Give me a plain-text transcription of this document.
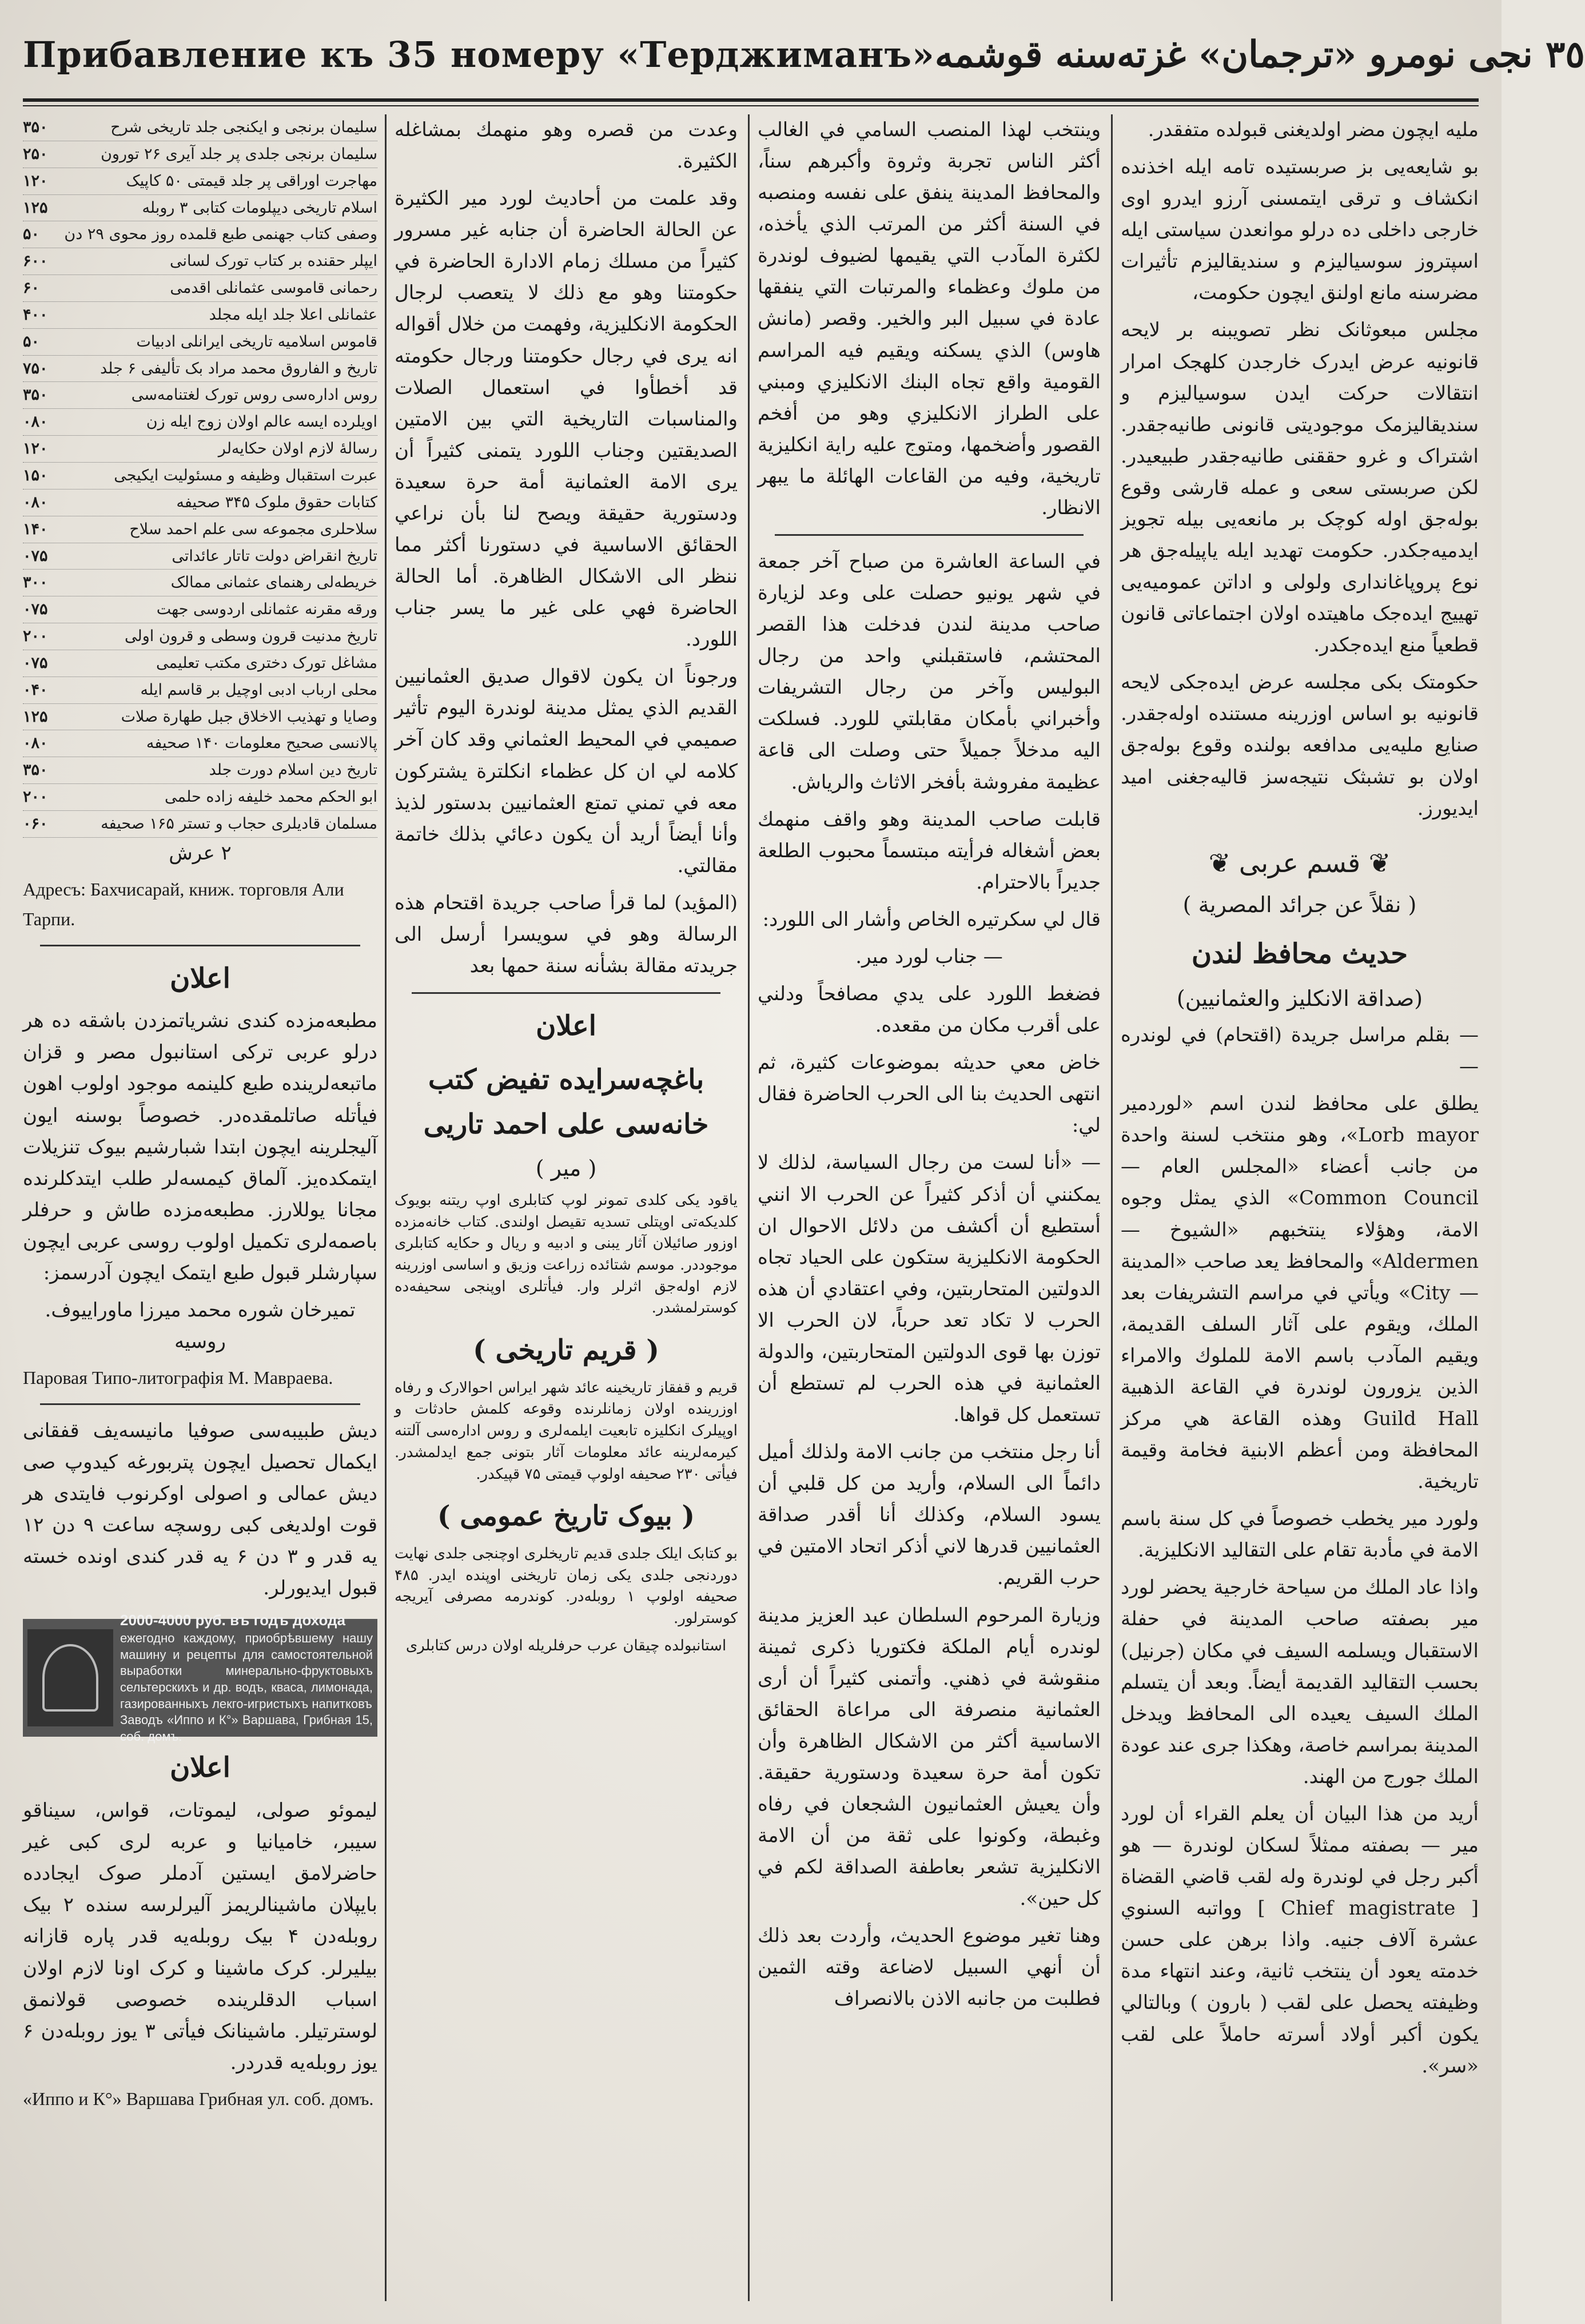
Прибавление къ 35 номеру «Терджиманъ» ٣٥ نجی نومرو «ترجمان» غزته‌سنه قوشمه

مليه ایچون مضر اولدیغنی قبولده متفقدر.

بو شایعه‌یی بز صربستیده تامه ایله اخذنده انکشاف و ترقی ایتمسنی آرزو ایدرو اوی خارجی داخلی ده درلو موانعدن سیاستی ایله اسپتروز سوسیالیزم و سندیقالیزم تأثیرات مضرسنه مانع اولنق ایچون حکومت،

مجلس مبعوثانک نظر تصویبنه بر لایحه قانونیه عرض ایدرک خارجدن کلهجک امرار انتقالات حرکت ایدن سوسیالیزم و سندیقالیزمک موجودیتی قانونی طانیه‌جقدر. اشتراک و غرو حققنی طانیه‌جقدر طبیعیدر. لکن صربستی سعی و عمله قارشی وقوع بوله‌جق اوله کوچک بر مانعه‌یی بیله تجویز ایدمیه‌جکدر. حکومت تهدید ایله یاپیله‌جق هر نوع پروپاغانداری ولولی و اداتن عمومیه‌یی تهییج ایده‌جک ماهیتده اولان اجتماعاتی قانون قطعیاً منع ایده‌جکدر.

حکومتک بکی مجلسه عرض ایده‌جکی لایحه قانونیه بو اساس اوزرینه مستنده اوله‌جقدر. صنایع ملیه‌یی مدافعه بولنده وقوع بوله‌جق اولان بو تشبثک نتیجه‌سز قالیه‌جغنی امید ایدیورز.

❦ قسم عربی ❦
( نقلاً عن جرائد المصرية )
حديث محافظ لندن
(صداقة الانكليز والعثمانيين)

— بقلم مراسل جريدة (اقتحام) في لوندره —

يطلق على محافظ لندن اسم «لوردمير Lorb mayor»، وهو منتخب لسنة واحدة من جانب أعضاء «المجلس العام — Common Council» الذي يمثل وجوه الامة، وهؤلاء ينتخبهم «الشيوخ — Aldermen» والمحافظ يعد صاحب «المدينة — City» ويأتي في مراسم التشريفات بعد الملك، ويقوم على آثار السلف القديمة، ويقيم المآدب باسم الامة للملوك والامراء الذين يزورون لوندرة في القاعة الذهبية Guild Hall وهذه القاعة هي مركز المحافظة ومن أعظم الابنية فخامة وقيمة تاريخية.

ولورد مير يخطب خصوصاً في كل سنة باسم الامة في مأدبة تقام على التقاليد الانكليزية.

واذا عاد الملك من سياحة خارجية يحضر لورد مير بصفته صاحب المدينة في حفلة الاستقبال ويسلمه السيف في مكان (جرنيل) بحسب التقاليد القديمة أيضاً. وبعد أن يتسلم الملك السيف يعيده الى المحافظ ويدخل المدينة بمراسم خاصة، وهكذا جرى عند عودة الملك جورج من الهند.

أريد من هذا البيان أن يعلم القراء أن لورد مير — بصفته ممثلاً لسكان لوندرة — هو أكبر رجل في لوندرة وله لقب قاضي القضاة [ Chief magistrate ] وواتبه السنوي عشرة آلاف جنيه. واذا برهن على حسن خدمته يعود أن ينتخب ثانية، وعند انتهاء مدة وظيفته يحصل على لقب ( بارون ) وبالتالي يكون أكبر أولاد أسرته حاملاً على لقب «سر».

وينتخب لهذا المنصب السامي في الغالب أكثر الناس تجربة وثروة وأكبرهم سناً، والمحافظ المدينة ينفق على نفسه ومنصبه في السنة أكثر من المرتب الذي يأخذه، لكثرة المآدب التي يقيمها لضيوف لوندرة من ملوك وعظماء والمرتبات التي ينفقها عادة في سبيل البر والخير. وقصر (مانش هاوس) الذي يسكنه ويقيم فيه المراسم القومية واقع تجاه البنك الانكليزي ومبني على الطراز الانكليزي وهو من أفخم القصور وأضخمها، ومتوج عليه راية انكليزية تاريخية، وفيه من القاعات الهائلة ما يبهر الانظار.

في الساعة العاشرة من صباح آخر جمعة في شهر يونيو حصلت على وعد لزيارة صاحب مدينة لندن فدخلت هذا القصر المحتشم، فاستقبلني واحد من رجال البوليس وآخر من رجال التشريفات وأخبراني بأمكان مقابلتي للورد. فسلكت اليه مدخلاً جميلاً حتى وصلت الى قاعة عظيمة مفروشة بأفخر الاثاث والرياش.

قابلت صاحب المدينة وهو واقف منهمك بعض أشغاله فرأيته مبتسماً محبوب الطلعة جديراً بالاحترام.

قال لي سكرتيره الخاص وأشار الى اللورد:

— جناب لورد مير.

فضغط اللورد على يدي مصافحاً ودلني على أقرب مكان من مقعده.

خاض معي حديثه بموضوعات كثيرة، ثم انتهى الحديث بنا الى الحرب الحاضرة فقال لي:

— «أنا لست من رجال السياسة، لذلك لا يمكنني أن أذكر كثيراً عن الحرب الا انني أستطيع أن أكشف من دلائل الاحوال ان الحكومة الانكليزية ستكون على الحياد تجاه الدولتين المتحاربتين، وفي اعتقادي أن هذه الحرب لا تكاد تعد حرباً، لان الحرب الا توزن بها قوى الدولتين المتحاربتين، والدولة العثمانية في هذه الحرب لم تستطع أن تستعمل كل قواها.

أنا رجل منتخب من جانب الامة ولذلك أميل دائماً الى السلام، وأريد من كل قلبي أن يسود السلام، وكذلك أنا أقدر صداقة العثمانيين قدرها لاني أذكر اتحاد الامتين في حرب القريم.

وزيارة المرحوم السلطان عبد العزيز مدينة لوندره أيام الملكة فكتوريا ذكرى ثمينة منقوشة في ذهني. وأتمنى كثيراً أن أرى العثمانية منصرفة الى مراعاة الحقائق الاساسية أكثر من الاشكال الظاهرة وأن تكون أمة حرة سعيدة ودستورية حقيقة. وأن يعيش العثمانيون الشجعان في رفاه وغبطة، وكونوا على ثقة من أن الامة الانكليزية تشعر بعاطفة الصداقة لكم في كل حين».

وهنا تغير موضوع الحديث، وأردت بعد ذلك أن أنهي السبيل لاضاعة وقته الثمين فطلبت من جانبه الاذن بالانصراف

وعدت من قصره وهو منهمك بمشاغله الكثيرة.

وقد علمت من أحاديث لورد مير الكثيرة عن الحالة الحاضرة أن جنابه غير مسرور كثيراً من مسلك زمام الادارة الحاضرة في حكومتنا وهو مع ذلك لا يتعصب لرجال الحكومة الانكليزية، وفهمت من خلال أقواله انه يرى في رجال حكومتنا ورجال حكومته قد أخطأوا في استعمال الصلات والمناسبات التاريخية التي بين الامتين الصديقتين وجناب اللورد يتمنى كثيراً أن يرى الامة العثمانية أمة حرة سعيدة ودستورية حقيقة ويصح لنا بأن نراعي الحقائق الاساسية في دستورنا أكثر مما ننظر الى الاشكال الظاهرة. أما الحالة الحاضرة فهي على غير ما يسر جناب اللورد.

ورجوناً ان يكون لاقوال صديق العثمانيين القديم الذي يمثل مدينة لوندرة اليوم تأثير صميمي في المحيط العثماني وقد كان آخر كلامه لي ان كل عظماء انكلترة يشتركون معه في تمني تمتع العثمانيين بدستور لذيذ وأنا أيضاً أريد أن يكون دعائي بذلك خاتمة مقالتي.

(المؤيد) لما قرأ صاحب جريدة اقتحام هذه الرسالة وهو في سويسرا أرسل الى جريدته مقالة بشأنه سنة حمها بعد

اعلان
باغچه‌سرایده تفیض کتب خانه‌سی علی احمد تاریی
( مير )

یاقود یکی کلدی تمونر لوپ کتابلری اوپ ریتنه بویوک کلدیکه‌تی اوپتلی تسدیه تقیصل اولندی. کتاب خانه‌مزده اوزور صائیلان آثار یبنی و ادبیه و ریال و حکایه کتابلری موجوددر. موسم شتائده زراعت وزیق و اساسی اوزرینه لازم اوله‌جق اثرلر وار. فیأتلری اوپنجی سحیفه‌ده کوسترلمشدر.

( قريم تاریخی )

قریم و قفقاز تاریخینه عائد شهر ایراس احوالارک و رفاه اوزرینده اولان زمانلرنده وقوعه کلمش حادثات و اوپیلرک انکلیزه تابعیت ایلمه‌لری و روس اداره‌سی آلتنه کیرمه‌لرینه عائد معلومات آثار بتونی جمع ایدلمشدر. فیأتی ۲۳۰ صحیفه اولوپ قیمتی ۷۵ قپیکدر.

( بیوک تاریخ عمومی )

بو کتابک ایلک جلدی قدیم تاریخلری اوچنجی جلدی نهایت دوردنجی جلدی یکی زمان تاریخنی اوپنده ایدر. ۴۸۵ صحیفه اولوپ ۱ روبله‌در. کوندرمه مصرفی آیریجه کوسترلور.

استانبولده چیقان عرب حرفلریله اولان درس کتابلری

سلیمان برنجی و ایکنجی جلد تاریخی شرح
۳۵۰
سلیمان برنجی جلدی پر جلد آیری ۲۶ تورون
۲۵۰
مهاجرت اوراقی پر جلد قیمتی ۵۰ کاپیک
۱۲۰
اسلام تاریخی دیپلومات کتابی ۳ روبله
۱۲۵
وصفی کتاب جهنمی طبع قلمده روز محوی ۲۹ دن
۵۰
ایپلر حقنده بر کتاب تورک لسانی
۶۰۰
رحمانی قاموسی عثمانلی اقدمی
۶۰
عثمانلی اعلا جلد ایله مجلد
۴۰۰
قاموس اسلامیه تاریخی ایرانلی ادبیات
۵۰
تاریخ و الفاروق محمد مراد بک تألیفی ۶ جلد
۷۵۰
روس اداره‌سی روس تورک لغتنامه‌سی
۳۵۰
اویلرده ایسه عالم اولان زوج ایله زن
۰۸۰
رسالۀ لازم اولان حکایه‌لر
۱۲۰
عبرت استقبال وظیفه و مسئولیت ایکیجی
۱۵۰
کتابات حقوق ملوک ۳۴۵ صحیفه
۰۸۰
سلاحلری مجموعه سی علم احمد سلاح
۱۴۰
تاریخ انقراض دولت تاتار عائداتی
۰۷۵
خریطه‌لی رهنمای عثمانی ممالک
۳۰۰
ورقه مقرنه عثمانلی اردوسی جهت
۰۷۵
تاریخ مدنیت قرون وسطی و قرون اولی
۲۰۰
مشاغل تورک دختری مکتب تعلیمی
۰۷۵
محلی ارباب ادبی اوچیل بر قاسم ایله
۰۴۰
وصایا و تهذیب الاخلاق جبل طهارة صلات
۱۲۵
پالانسی صحیح معلومات ۱۴۰ صحیفه
۰۸۰
تاریخ دین اسلام دورت جلد
۳۵۰
ابو الحکم محمد خلیفه زاده حلمی
۲۰۰
مسلمان قادیلری حجاب و تستر ۱۶۵ صحیفه
۰۶۰

۲ عرش

Адресъ: Бахчисарай, книж. торговля Али Тарпи.

اعلان

مطبعه‌مزده کندی نشریاتمزدن باشقه ده هر درلو عربی ترکی استانبول مصر و قزان ماتبعه‌لرینده طبع کلینمه موجود اولوب اهون فیأتله صاتلمقده‌در. خصوصاً بوسنه ایون آلیجلرینه ایچون ابتدا شبارشیم بیوک تنزیلات ایتمکده‌یز. آلماق کیمسه‌لر طلب ایتدکلرنده مجانا یوللارز. مطبعه‌مزده طاش و حرفلر باصمه‌لری تکمیل اولوب روسی عربی ایچون سپارشلر قبول طبع ایتمک ایچون آدرسمز:

تمیرخان شوره محمد میرزا ماوراییوف. روسیه

Паровая Типо-литографія М. Мавраева.

دیش طبیبه‌سی صوفیا مانیسه‌یف قفقانی ایکمال تحصیل ایچون پتربورغه کیدوپ صی دیش عمالی و اصولی اوکرنوب فایتدی هر قوت اولدیغی کبی روسچه ساعت ۹ دن ۱۲ یه قدر و ۳ دن ۶ یه قدر کندی اونده خسته قبول ایدیورلر.

2000-4000 руб. въ годъ дохода
ежегодно каждому, приобрѣвшему нашу машину и рецепты для самостоятельной выработки минерально-фруктовыхъ сельтерскихъ и др. водъ, кваса, лимонада, газированныхъ лекго-игристыхъ напитковъ
Заводъ «Иппо и К°» Варшава, Грибная 15, соб. домъ.
اعلان

لیموئو صولی، لیموتات، قواس، سیناقو سیبر، خامیانیا و عربه لری کبی غیر حاضرلامق ایستین آدملر صوک ایجادده بایپلان ماشینالریمز آلیرلرسه سنده ۲ بیک روبله‌دن ۴ بیک روبله‌یه قدر پاره قازانه بیلیرلر. کرک ماشینا و کرک اونا لازم اولان اسباب الدقلرینده خصوصی قولانمق لوسترتیلر. ماشینانک فیأتی ۳ یوز روبله‌دن ۶ یوز روبله‌یه قدردر.

«Иппо и К°» Варшава Грибная ул. соб. домъ.
